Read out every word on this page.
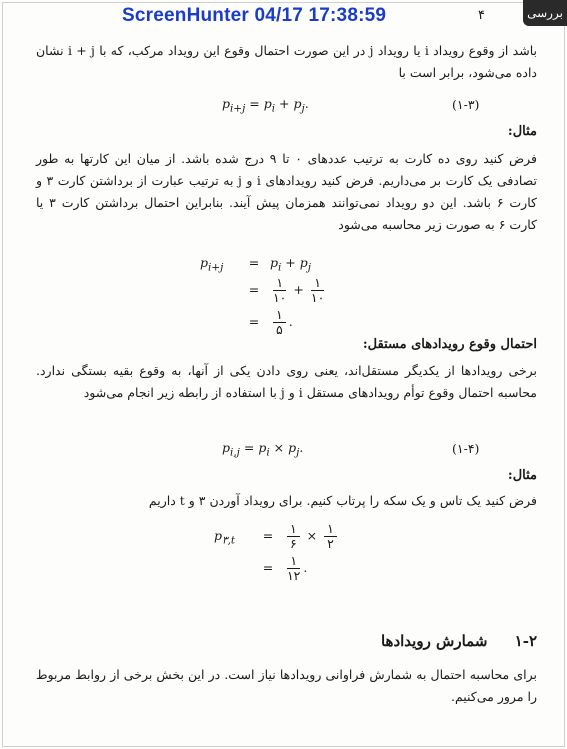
بررسی
۴
ScreenHunter 04/17 17:38:59
باشد از وقوع رویداد i یا رویداد j در این صورت احتمال وقوع این رویداد مرکب، که با i + j نشان داده می‌شود، برابر است با
$p_{i+j} = p_i + p_j$.	(۱-۳)
مثال:
فرض کنید روی ده کارت به ترتیب عددهای ۰ تا ۹ درج شده باشد. از میان این کارتها به طور تصادفی یک کارت بر می‌داریم. فرض کنید رویدادهای i و j به ترتیب عبارت از برداشتن کارت ۳ و کارت ۶ باشد. این دو رویداد نمی‌توانند همزمان پیش آیند. بنابراین احتمال برداشتن کارت ۳ یا کارت ۶ به صورت زیر محاسبه می‌شود
$p_{i+j} = p_i + p_j$
= $\frac{۱}{۱۰} + \frac{۱}{۱۰}$
= $\frac{۱}{۵}$ .
احتمال وقوع رویدادهای مستقل:
برخی رویدادها از یکدیگر مستقل‌اند، یعنی روی دادن یکی از آنها، به وقوع بقیه بستگی ندارد. محاسبه احتمال وقوع توأم رویدادهای مستقل i و j با استفاده از رابطه زیر انجام می‌شود
$p_{i,j} = p_i \times p_j$.	(۱-۴)
مثال:
فرض کنید یک تاس و یک سکه را پرتاب کنیم. برای رویداد آوردن ۳ و t داریم
$p_{۳,t} = \frac{۱}{۶} \times \frac{۱}{۲}$
= $\frac{۱}{۱۲}$ .
۱-۲ شمارش رویدادها
برای محاسبه احتمال به شمارش فراوانی رویدادها نیاز است. در این بخش برخی از روابط مربوط را مرور می‌کنیم.
